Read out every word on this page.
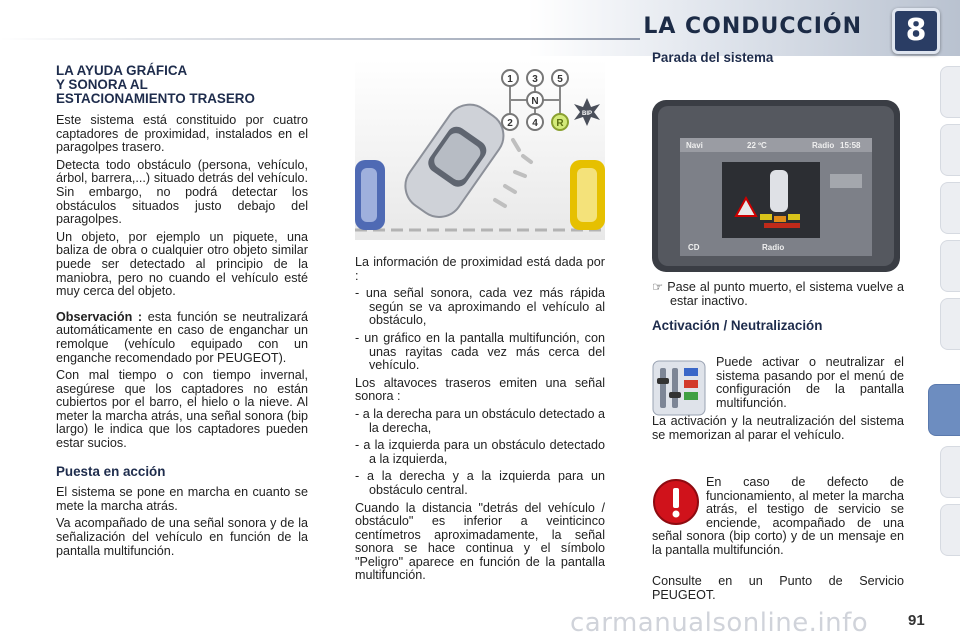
LA CONDUCCIÓN	8
LA AYUDA GRÁFICA
Y SONORA AL
ESTACIONAMIENTO TRASERO

Este sistema está constituido por cuatro captadores de proximidad, instalados en el paragolpes trasero.

Detecta todo obstáculo (persona, vehículo, árbol, barrera,...) situado detrás del vehículo. Sin embargo, no podrá detectar los obstáculos situados justo debajo del paragolpes.

Un objeto, por ejemplo un piquete, una baliza de obra o cualquier otro objeto similar puede ser detectado al principio de la maniobra, pero no cuando el vehículo esté muy cerca del objeto.

Observación : esta función se neutralizará automáticamente en caso de enganchar un remolque (vehículo equipado con un enganche recomendado por PEUGEOT).

Con mal tiempo o con tiempo invernal, asegúrese que los captadores no están cubiertos por el barro, el hielo o la nieve. Al meter la marcha atrás, una señal sonora (bip largo) le indica que los captadores pueden estar sucios.

Puesta en acción

El sistema se pone en marcha en cuanto se mete la marcha atrás.

Va acompañado de una señal sonora y de la señalización del vehículo en función de la pantalla multifunción.

1 3 5
N
2 4 R
BIP

La información de proximidad está dada por :

- una señal sonora, cada vez más rápida según se va aproximando el vehículo al obstáculo,

- un gráfico en la pantalla multifunción, con unas rayitas cada vez más cerca del vehículo.

Los altavoces traseros emiten una señal sonora :

- a la derecha para un obstáculo detectado a la derecha,

- a la izquierda para un obstáculo detectado a la izquierda,

- a la derecha y a la izquierda para un obstáculo central.

Cuando la distancia "detrás del vehículo / obstáculo" es inferior a veinticinco centímetros aproximadamente, la señal sonora se hace continua y el símbolo "Peligro" aparece en función de la pantalla multifunción.

Parada del sistema
Navi	22 ºC	Radio 15:58
CD	Radio

☞ Pase al punto muerto, el sistema vuelve a estar inactivo.

Activación / Neutralización

Puede activar o neutralizar el sistema pasando por el menú de configuración de la pantalla multifunción.

La activación y la neutralización del sistema se memorizan al parar el vehículo.

En caso de defecto de funcionamiento, al meter la marcha atrás, el testigo de servicio se enciende, acompañado de una señal sonora (bip corto) y de un mensaje en la pantalla multifunción.

Consulte en un Punto de Servicio PEUGEOT.

carmanualsonline.info	91
